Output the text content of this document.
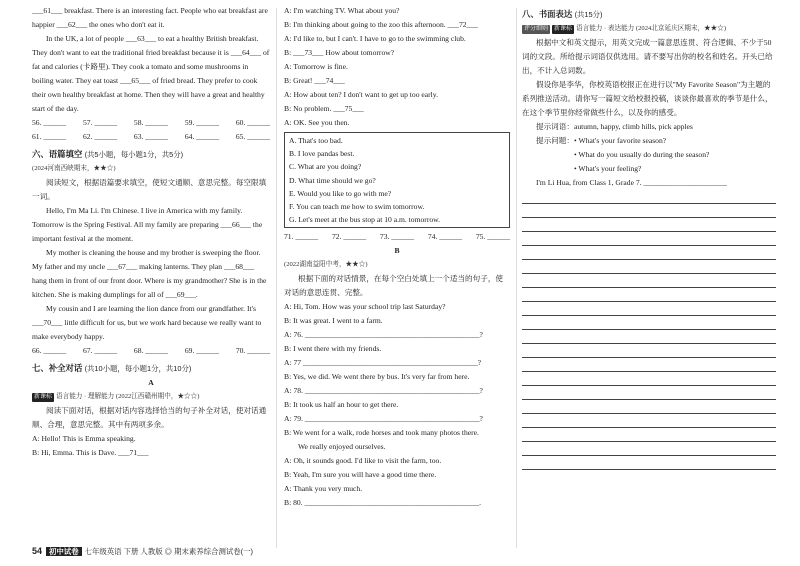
___61___ breakfast. There is an interesting fact. People who eat breakfast are happier ___62___ the ones who don't eat it.

In the UK, a lot of people ___63___ to eat a healthy British breakfast. They don't want to eat the traditional fried breakfast because it is ___64___ of fat and calories (卡路里). They cook a tomato and some mushrooms in boiling water. They eat toast ___65___ of fried bread. They prefer to cook their own healthy breakfast at home. Then they will have a great and healthy start of the day.

56. ______ 57. ______ 58. ______ 59. ______ 60. ______
61. ______ 62. ______ 63. ______ 64. ______ 65. ______
六、语篇填空 (共5小题，每小题1分，共5分)

(2024河南西峡期末，★★☆)

阅读短文，根据语篇要求填空，使短文通顺、意思完整。每空限填一词。

Hello, I'm Ma Li. I'm Chinese. I live in America with my family. Tomorrow is the Spring Festival. All my family are preparing ___66___ the important festival at the moment.

My mother is cleaning the house and my brother is sweeping the floor. My father and my uncle ___67___ making lanterns. They plan ___68___ hang them in front of our front door. Where is my grandmother? She is in the kitchen. She is making dumplings for all of ___69___.

My cousin and I are learning the lion dance from our grandfather. It's ___70___ little difficult for us, but we work hard because we really want to make everybody happy.

66. ______ 67. ______ 68. ______ 69. ______ 70. ______
七、补全对话 (共10小题，每小题1分，共10分)

A

新课标 语言能力 · 理解能力 (2022江西赣州期中，★☆☆)

阅读下面对话，根据对话内容选择恰当的句子补全对话，使对话通顺、合理，意思完整。其中有两项多余。

A: Hello! This is Emma speaking.

B: Hi, Emma. This is Dave. ___71___

A: I'm watching TV. What about you?

B: I'm thinking about going to the zoo this afternoon. ___72___

A: I'd like to, but I can't. I have to go to the swimming club.

B: ___73___ How about tomorrow?

A: Tomorrow is fine.

B: Great! ___74___

A: How about ten? I don't want to get up too early.

B: No problem. ___75___

A: OK. See you then.

A. That's too bad.

B. I love pandas best.

C. What are you doing?

D. What time should we go?

E. Would you like to go with me?

F. You can teach me how to swim tomorrow.

G. Let's meet at the bus stop at 10 a.m. tomorrow.

71. ______ 72. ______ 73. ______ 74. ______ 75. ______

B

(2022湖南益阳中考，★★☆)

根据下面的对话情景，在每个空白处填上一个适当的句子，使对话的意思连贯、完整。

A: Hi, Tom. How was your school trip last Saturday?

B: It was great. I went to a farm.

A: 76. ______________________________________________?

B: I went there with my friends.

A: 77 ______________________________________________?

B: Yes, we did. We went there by bus. It's very far from here.

A: 78. ______________________________________________?

B: It took us half an hour to get there.

A: 79. ______________________________________________?

B: We went for a walk, rode horses and took many photos there.

We really enjoyed ourselves.

A: Oh, it sounds good. I'd like to visit the farm, too.

B: Yeah, I'm sure you will have a good time there.

A: Thank you very much.

B: 80. ______________________________________________.

八、书面表达 (共15分)

评分细则 新课标 语言能力 · 表达能力 (2024北京延庆区期末，★★☆)

根据中文和英文提示，用英文完成一篇意思连贯、符合逻辑、不少于50词的文段。所给提示词语仅供选用。请不要写出你的校名和姓名。开头已给出，不计入总词数。

假设你是李华，你校英语校报正在进行以"My Favorite Season"为主题的系列推送活动。请你写一篇短文给校报投稿，谈谈你最喜欢的季节是什么，在这个季节里你经常做些什么，以及你的感受。

提示词语：autumn, happy, climb hills, pick apples

提示问题：• What's your favorite season?

• What do you usually do during the season?

• What's your feeling?

I'm Li Hua, from Class 1, Grade 7. ______________________

54 初中试卷 七年级英语 下册 人教版 ◎ 期末素养综合测试卷(一)
